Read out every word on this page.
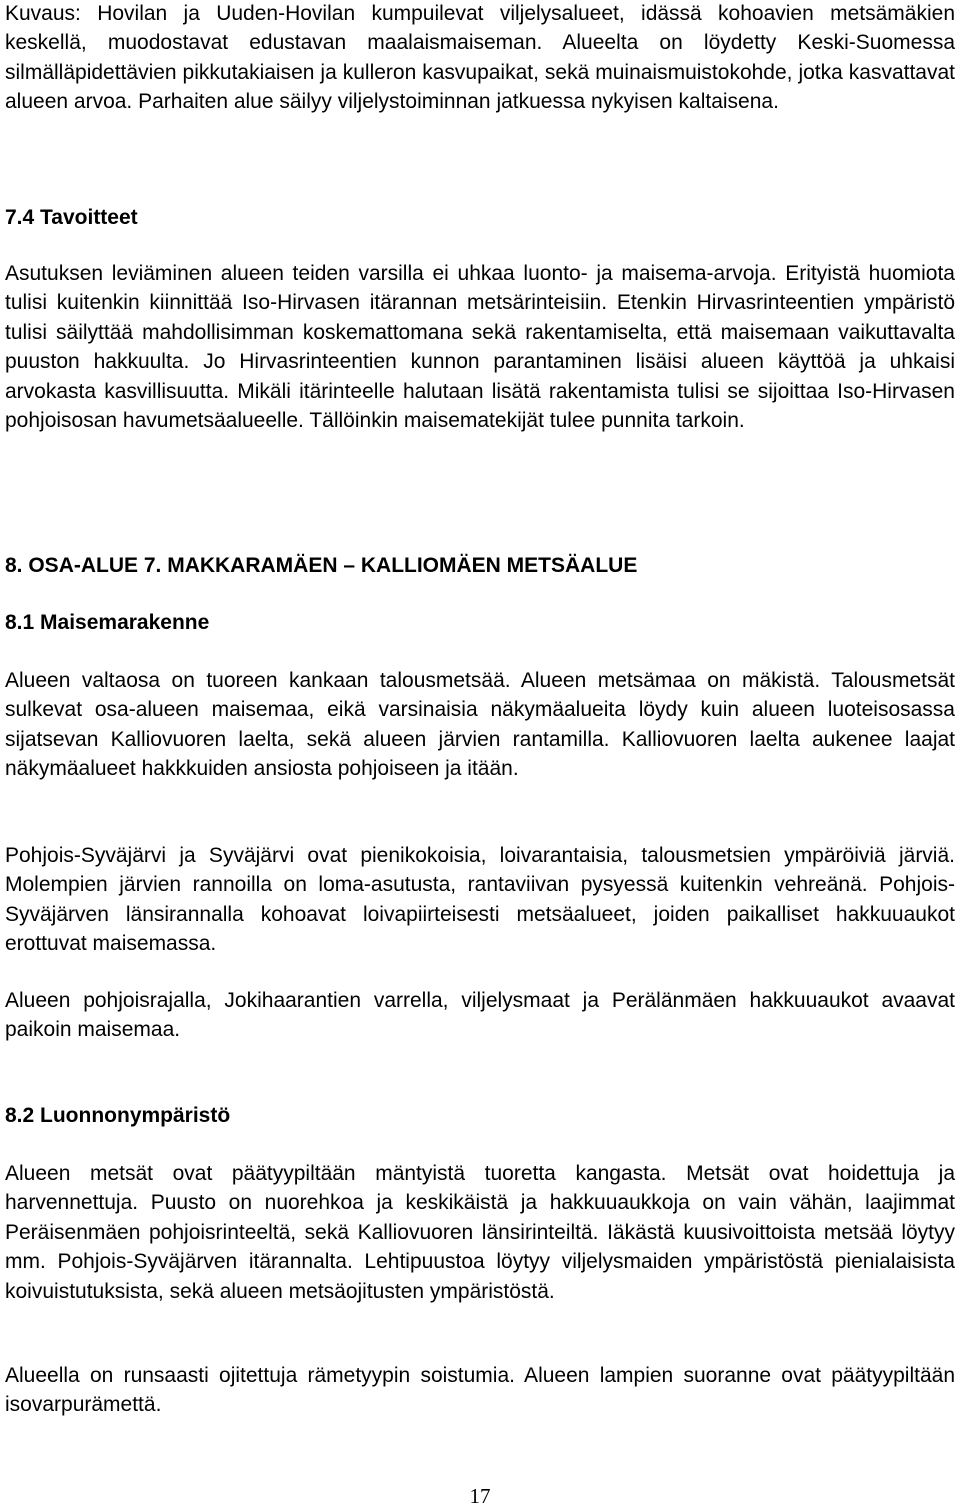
Kuvaus: Hovilan ja Uuden-Hovilan kumpuilevat viljelysalueet, idässä kohoavien metsämäkien keskellä, muodostavat edustavan maalaismaiseman. Alueelta on löydetty Keski-Suomessa silmälläpidettävien pikkutakiaisen ja kulleron kasvupaikat, sekä muinaismuistokohde, jotka kasvattavat alueen arvoa. Parhaiten alue säilyy viljelystoiminnan jatkuessa nykyisen kaltaisena.

7.4 Tavoitteet

Asutuksen leviäminen alueen teiden varsilla ei uhkaa luonto- ja maisema-arvoja. Erityistä huomiota tulisi kuitenkin kiinnittää Iso-Hirvasen itärannan metsärinteisiin. Etenkin Hirvasrinteentien ympäristö tulisi säilyttää mahdollisimman koskemattomana sekä rakentamiselta, että maisemaan vaikuttavalta puuston hakkuulta. Jo Hirvasrinteentien kunnon parantaminen lisäisi alueen käyttöä ja uhkaisi arvokasta kasvillisuutta. Mikäli itärinteelle halutaan lisätä rakentamista tulisi se sijoittaa Iso-Hirvasen pohjoisosan havumetsäalueelle. Tällöinkin maisematekijät tulee punnita tarkoin.

8. OSA-ALUE 7. MAKKARAMÄEN – KALLIOMÄEN METSÄALUE
8.1 Maisemarakenne

Alueen valtaosa on tuoreen kankaan talousmetsää. Alueen metsämaa on mäkistä. Talousmetsät sulkevat osa-alueen maisemaa, eikä varsinaisia näkymäalueita löydy kuin alueen luoteisosassa sijatsevan Kalliovuoren laelta, sekä alueen järvien rantamilla. Kalliovuoren laelta aukenee laajat näkymäalueet hakkkuiden ansiosta pohjoiseen ja itään.

Pohjois-Syväjärvi ja Syväjärvi ovat pienikokoisia, loivarantaisia, talousmetsien ympäröiviä järviä. Molempien järvien rannoilla on loma-asutusta, rantaviivan pysyessä kuitenkin vehreänä. Pohjois-Syväjärven länsirannalla kohoavat loivapiirteisesti metsäalueet, joiden paikalliset hakkuuaukot erottuvat maisemassa.

Alueen pohjoisrajalla, Jokihaarantien varrella, viljelysmaat ja Perälänmäen hakkuuaukot avaavat paikoin maisemaa.

8.2 Luonnonympäristö

Alueen metsät ovat päätyypiltään mäntyistä tuoretta kangasta. Metsät ovat hoidettuja ja harvennettuja. Puusto on nuorehkoa ja keskikäistä ja hakkuuaukkoja on vain vähän, laajimmat Peräisenmäen pohjoisrinteeltä, sekä Kalliovuoren länsirinteiltä. Iäkästä kuusivoittoista metsää löytyy mm. Pohjois-Syväjärven itärannalta. Lehtipuustoa löytyy viljelysmaiden ympäristöstä pienialaisista koivuistutuksista, sekä alueen metsäojitusten ympäristöstä.

Alueella on runsaasti ojitettuja rämetyypin soistumia. Alueen lampien suoranne ovat päätyypiltään isovarpurämettä.

17
